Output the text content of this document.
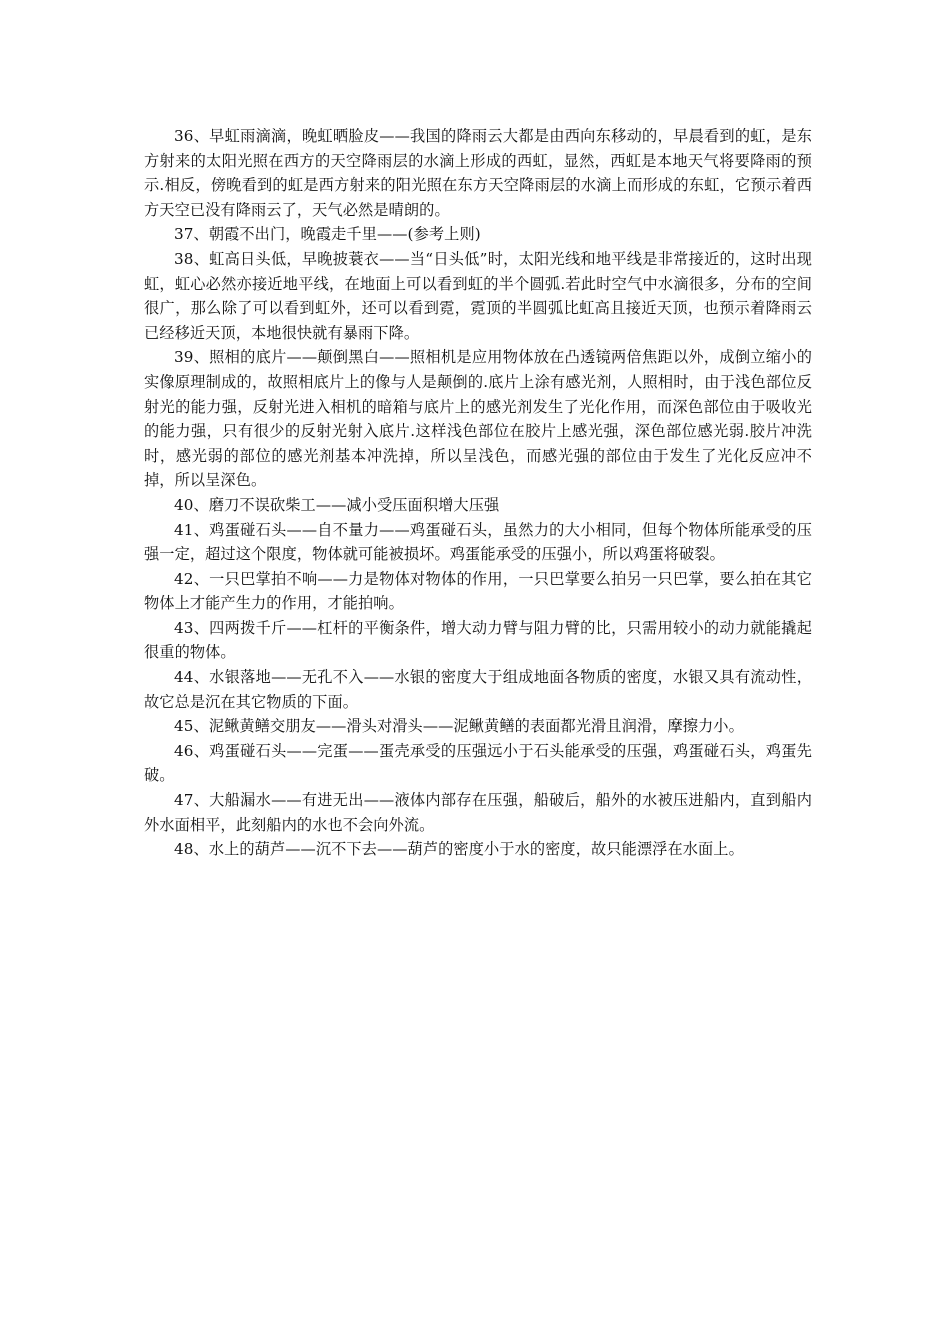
36、早虹雨滴滴，晚虹晒脸皮——我国的降雨云大都是由西向东移动的，早晨看到的虹，是东方射来的太阳光照在西方的天空降雨层的水滴上形成的西虹，显然，西虹是本地天气将要降雨的预示.相反，傍晚看到的虹是西方射来的阳光照在东方天空降雨层的水滴上而形成的东虹，它预示着西方天空已没有降雨云了，天气必然是晴朗的。

37、朝霞不出门，晚霞走千里——(参考上则)

38、虹高日头低，早晚披蓑衣——当“日头低”时，太阳光线和地平线是非常接近的，这时出现虹，虹心必然亦接近地平线，在地面上可以看到虹的半个圆弧.若此时空气中水滴很多，分布的空间很广，那么除了可以看到虹外，还可以看到霓，霓顶的半圆弧比虹高且接近天顶，也预示着降雨云已经移近天顶，本地很快就有暴雨下降。

39、照相的底片——颠倒黑白——照相机是应用物体放在凸透镜两倍焦距以外，成倒立缩小的实像原理制成的，故照相底片上的像与人是颠倒的.底片上涂有感光剂，人照相时，由于浅色部位反射光的能力强，反射光进入相机的暗箱与底片上的感光剂发生了光化作用，而深色部位由于吸收光的能力强，只有很少的反射光射入底片.这样浅色部位在胶片上感光强，深色部位感光弱.胶片冲洗时，感光弱的部位的感光剂基本冲洗掉，所以呈浅色，而感光强的部位由于发生了光化反应冲不掉，所以呈深色。

40、磨刀不误砍柴工——减小受压面积增大压强

41、鸡蛋碰石头——自不量力——鸡蛋碰石头，虽然力的大小相同，但每个物体所能承受的压强一定，超过这个限度，物体就可能被损坏。鸡蛋能承受的压强小，所以鸡蛋将破裂。

42、一只巴掌拍不响——力是物体对物体的作用，一只巴掌要么拍另一只巴掌，要么拍在其它物体上才能产生力的作用，才能拍响。

43、四两拨千斤——杠杆的平衡条件，增大动力臂与阻力臂的比，只需用较小的动力就能撬起很重的物体。

44、水银落地——无孔不入——水银的密度大于组成地面各物质的密度，水银又具有流动性，故它总是沉在其它物质的下面。

45、泥鳅黄鳝交朋友——滑头对滑头——泥鳅黄鳝的表面都光滑且润滑，摩擦力小。

46、鸡蛋碰石头——完蛋——蛋壳承受的压强远小于石头能承受的压强，鸡蛋碰石头，鸡蛋先破。

47、大船漏水——有进无出——液体内部存在压强，船破后，船外的水被压进船内，直到船内外水面相平，此刻船内的水也不会向外流。

48、水上的葫芦——沉不下去——葫芦的密度小于水的密度，故只能漂浮在水面上。
